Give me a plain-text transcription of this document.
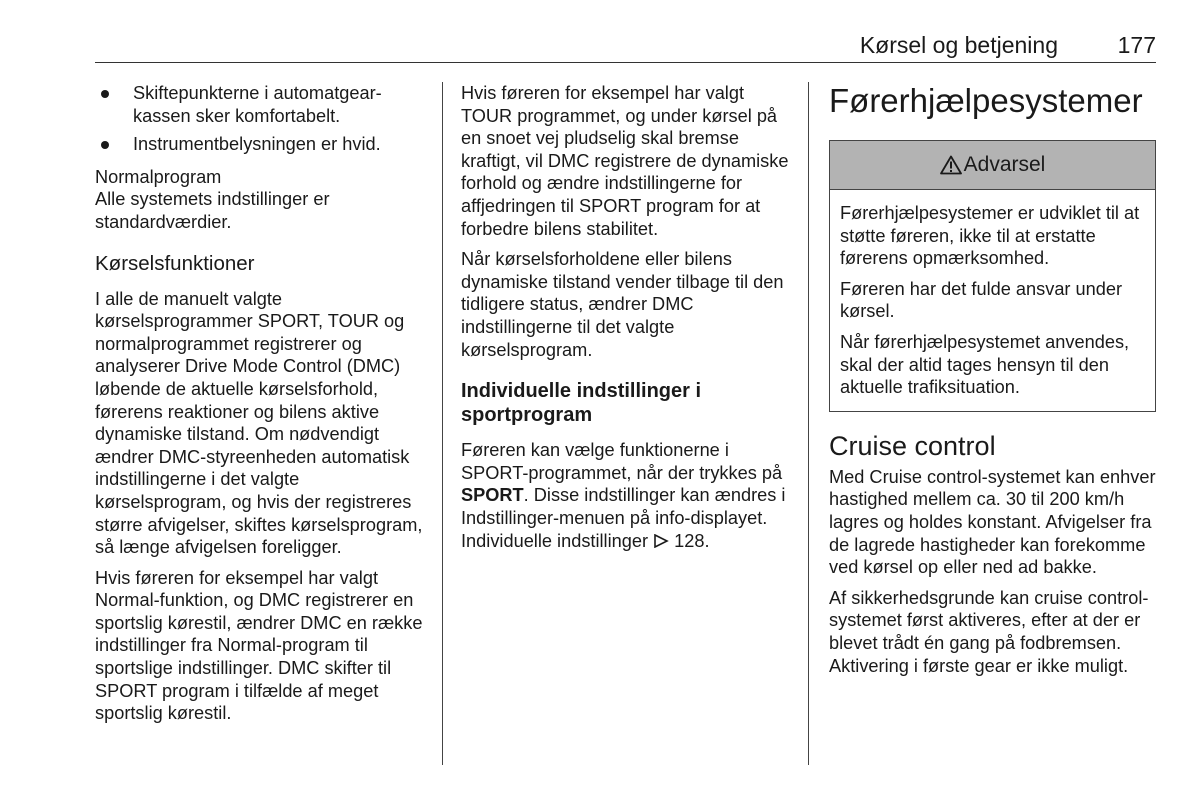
Kørsel og betjening	177
Skiftepunkterne i automatgear-kassen sker komfortabelt.
Instrumentbelysningen er hvid.

Normalprogram
Alle systemets indstillinger er standardværdier.

Kørselsfunktioner

I alle de manuelt valgte kørselsprogrammer SPORT, TOUR og normalprogrammet registrerer og analyserer Drive Mode Control (DMC) løbende de aktuelle kørselsforhold, førerens reaktioner og bilens aktive dynamiske tilstand. Om nødvendigt ændrer DMC-styreenheden automatisk indstillingerne i det valgte kørselsprogram, og hvis der registreres større afvigelser, skiftes kørselsprogram, så længe afvigelsen foreligger.

Hvis føreren for eksempel har valgt Normal-funktion, og DMC registrerer en sportslig kørestil, ændrer DMC en række indstillinger fra Normal-program til sportslige indstillinger. DMC skifter til SPORT program i tilfælde af meget sportslig kørestil.

Hvis føreren for eksempel har valgt TOUR programmet, og under kørsel på en snoet vej pludselig skal bremse kraftigt, vil DMC registrere de dynamiske forhold og ændre indstillingerne for affjedringen til SPORT program for at forbedre bilens stabilitet.

Når kørselsforholdene eller bilens dynamiske tilstand vender tilbage til den tidligere status, ændrer DMC indstillingerne til det valgte kørselsprogram.

Individuelle indstillinger i sportprogram

Føreren kan vælge funktionerne i SPORT-programmet, når der trykkes på SPORT. Disse indstillinger kan ændres i Indstillinger-menuen på info-displayet. Individuelle indstillinger 128.

Førerhjælpesystemer
Advarsel

Førerhjælpesystemer er udviklet til at støtte føreren, ikke til at erstatte førerens opmærksomhed.

Føreren har det fulde ansvar under kørsel.

Når førerhjælpesystemet anvendes, skal der altid tages hensyn til den aktuelle trafiksituation.

Cruise control

Med Cruise control-systemet kan enhver hastighed mellem ca. 30 til 200 km/h lagres og holdes konstant. Afvigelser fra de lagrede hastigheder kan forekomme ved kørsel op eller ned ad bakke.

Af sikkerhedsgrunde kan cruise control-systemet først aktiveres, efter at der er blevet trådt én gang på fodbremsen. Aktivering i første gear er ikke muligt.
